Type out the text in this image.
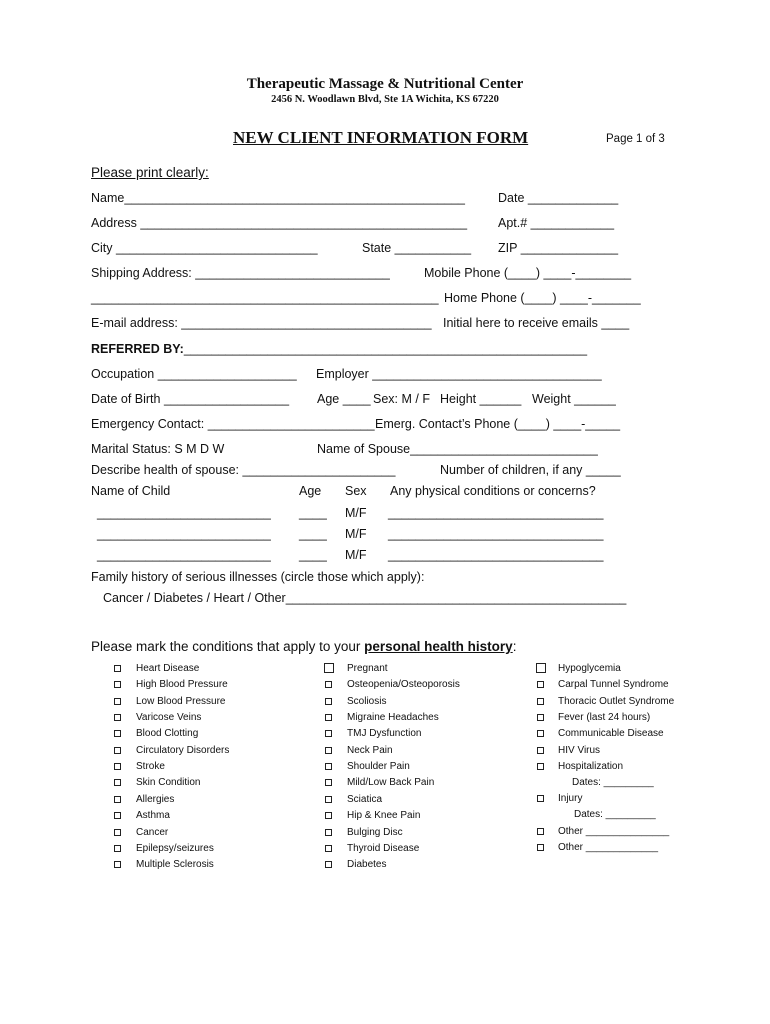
Therapeutic Massage & Nutritional Center
2456 N. Woodlawn Blvd, Ste 1A Wichita, KS 67220
NEW CLIENT INFORMATION FORM	Page 1 of 3
Please print clearly:
Name_________________________________________________	Date _____________
Address _______________________________________________ Apt.# ____________
City _____________________________	State ___________ ZIP ______________
Shipping Address: ____________________________	Mobile Phone (____) ____-________
__________________________________________________ Home Phone (____) ____-_______
E-mail address: ____________________________________ Initial here to receive emails ____
REFERRED BY:__________________________________________________________
Occupation ____________________ Employer _________________________________
Date of Birth __________________ Age ____ Sex: M / F Height ______ Weight ______
Emergency Contact: ________________________ Emerg. Contact’s Phone (____) ____-_____
Marital Status: S M D W	Name of Spouse___________________________
Describe health of spouse: ______________________	Number of children, if any _____
Name of Child	Age Sex Any physical conditions or concerns?
_________________________ ____ M/F _______________________________
_________________________ ____ M/F _______________________________
_________________________ ____ M/F _______________________________
Family history of serious illnesses (circle those which apply):
Cancer / Diabetes / Heart / Other_________________________________________________
Please mark the conditions that apply to your personal health history:
Heart Disease
High Blood Pressure
Low Blood Pressure
Varicose Veins
Blood Clotting
Circulatory Disorders
Stroke
Skin Condition
Allergies
Asthma
Cancer
Epilepsy/seizures
Multiple Sclerosis
Pregnant
Osteopenia/Osteoporosis
Scoliosis
Migraine Headaches
TMJ Dysfunction
Neck Pain
Shoulder Pain
Mild/Low Back Pain
Sciatica
Hip & Knee Pain
Bulging Disc
Thyroid Disease
Diabetes
Hypoglycemia
Carpal Tunnel Syndrome
Thoracic Outlet Syndrome
Fever (last 24 hours)
Communicable Disease
HIV Virus
Hospitalization
Dates: _________
Injury
Dates: _________
Other _______________
Other _____________
